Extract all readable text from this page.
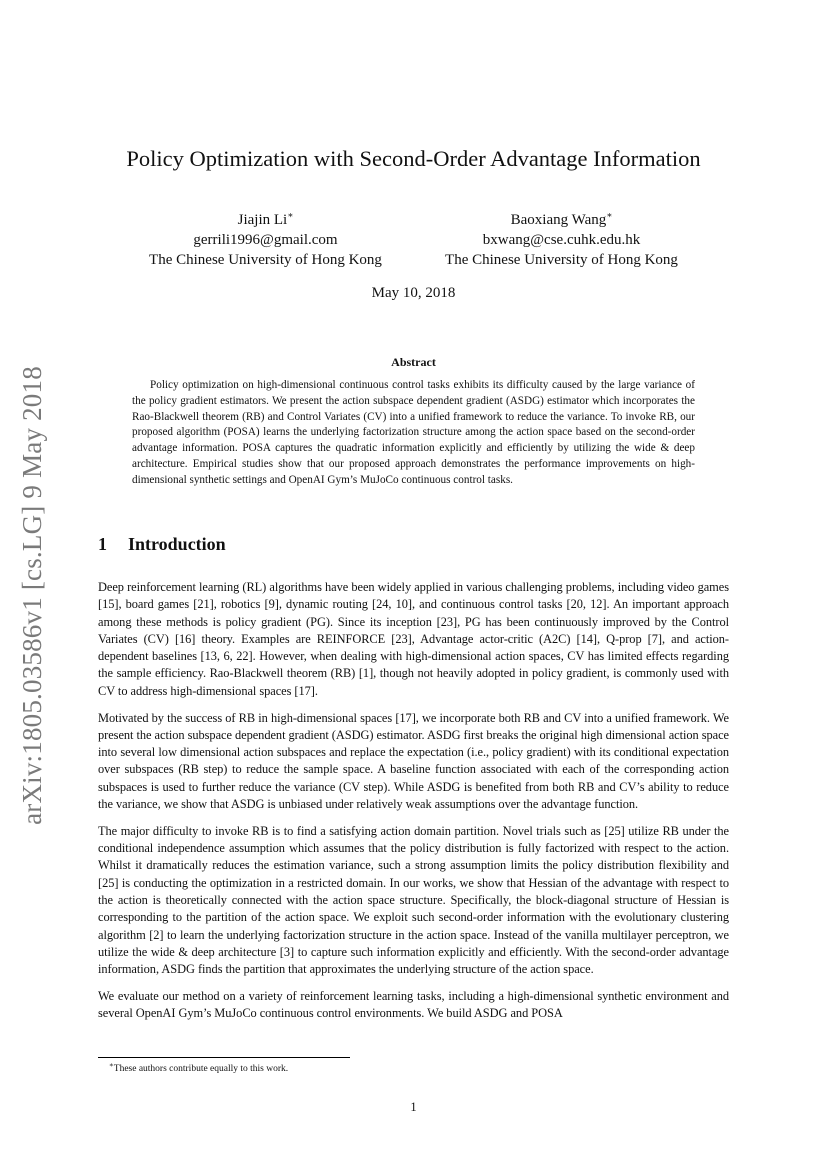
arXiv:1805.03586v1 [cs.LG] 9 May 2018
Policy Optimization with Second-Order Advantage Information
Jiajin Li∗
gerrili1996@gmail.com
The Chinese University of Hong Kong
Baoxiang Wang∗
bxwang@cse.cuhk.edu.hk
The Chinese University of Hong Kong
May 10, 2018
Abstract

Policy optimization on high-dimensional continuous control tasks exhibits its difficulty caused by the large variance of the policy gradient estimators. We present the action subspace dependent gradient (ASDG) estimator which incorporates the Rao-Blackwell theorem (RB) and Control Variates (CV) into a unified framework to reduce the variance. To invoke RB, our proposed algorithm (POSA) learns the underlying factorization structure among the action space based on the second-order advantage information. POSA captures the quadratic information explicitly and efficiently by utilizing the wide & deep architecture. Empirical studies show that our proposed approach demonstrates the performance improvements on high-dimensional synthetic settings and OpenAI Gym’s MuJoCo continuous control tasks.

1 Introduction

Deep reinforcement learning (RL) algorithms have been widely applied in various challenging problems, including video games [15], board games [21], robotics [9], dynamic routing [24, 10], and continuous control tasks [20, 12]. An important approach among these methods is policy gradient (PG). Since its inception [23], PG has been continuously improved by the Control Variates (CV) [16] theory. Examples are REINFORCE [23], Advantage actor-critic (A2C) [14], Q-prop [7], and action-dependent baselines [13, 6, 22]. However, when dealing with high-dimensional action spaces, CV has limited effects regarding the sample efficiency. Rao-Blackwell theorem (RB) [1], though not heavily adopted in policy gradient, is commonly used with CV to address high-dimensional spaces [17].

Motivated by the success of RB in high-dimensional spaces [17], we incorporate both RB and CV into a unified framework. We present the action subspace dependent gradient (ASDG) estimator. ASDG first breaks the original high dimensional action space into several low dimensional action subspaces and replace the expectation (i.e., policy gradient) with its conditional expectation over subspaces (RB step) to reduce the sample space. A baseline function associated with each of the corresponding action subspaces is used to further reduce the variance (CV step). While ASDG is benefited from both RB and CV’s ability to reduce the variance, we show that ASDG is unbiased under relatively weak assumptions over the advantage function.

The major difficulty to invoke RB is to find a satisfying action domain partition. Novel trials such as [25] utilize RB under the conditional independence assumption which assumes that the policy distribution is fully factorized with respect to the action. Whilst it dramatically reduces the estimation variance, such a strong assumption limits the policy distribution flexibility and [25] is conducting the optimization in a restricted domain. In our works, we show that Hessian of the advantage with respect to the action is theoretically connected with the action space structure. Specifically, the block-diagonal structure of Hessian is corresponding to the partition of the action space. We exploit such second-order information with the evolutionary clustering algorithm [2] to learn the underlying factorization structure in the action space. Instead of the vanilla multilayer perceptron, we utilize the wide & deep architecture [3] to capture such information explicitly and efficiently. With the second-order advantage information, ASDG finds the partition that approximates the underlying structure of the action space.

We evaluate our method on a variety of reinforcement learning tasks, including a high-dimensional synthetic environment and several OpenAI Gym’s MuJoCo continuous control environments. We build ASDG and POSA

∗These authors contribute equally to this work.
1
